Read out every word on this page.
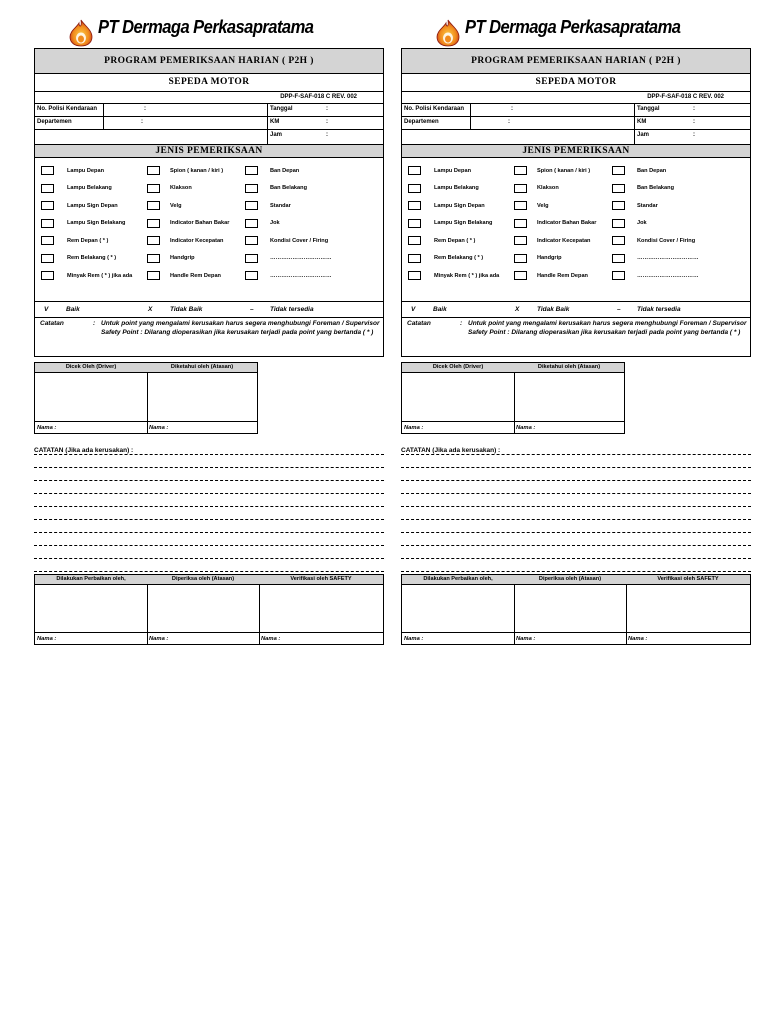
PT Dermaga Perkasapratama
PROGRAM PEMERIKSAAN HARIAN ( P2H )
SEPEDA MOTOR
DPP-F-SAF-018 C REV. 002
No. Polisi Kendaraan	:	Tanggal	:
Departemen	:	KM	:
Jam	:
JENIS PEMERIKSAAN
Lampu Depan	Spion ( kanan / kiri )	Ban Depan
Lampu Belakang	Klakson	Ban Belakang
Lampu Sign Depan	Velg	Standar
Lampu Sign Belakang	Indicator Bahan Bakar	Jok
Rem Depan ( * )	Indicator Kecepatan	Kondisi Cover / Firing
Rem Belakang ( * )	Handgrip	……………………………
Minyak Rem ( * ) jika ada	Handle Rem Depan	……………………………
V	Baik	X	Tidak Baik	–	Tidak tersedia
Catatan	: Untuk point yang mengalami kerusakan harus segera menghubungi Foreman / Supervisor
Safety Point : Dilarang dioperasikan jika kerusakan terjadi pada point yang bertanda ( * )
Dicek Oleh (Driver)
Nama :
Diketahui oleh (Atasan)
Nama :
CATATAN (Jika ada kerusakan) :
Dilakukan Perbaikan oleh,
Nama :
Diperiksa oleh (Atasan)
Nama :
Verifikasi oleh SAFETY
Nama :
PT Dermaga Perkasapratama
PROGRAM PEMERIKSAAN HARIAN ( P2H )
SEPEDA MOTOR
DPP-F-SAF-018 C REV. 002
No. Polisi Kendaraan	:	Tanggal	:
Departemen	:	KM	:
Jam	:
JENIS PEMERIKSAAN
Lampu Depan	Spion ( kanan / kiri )	Ban Depan
Lampu Belakang	Klakson	Ban Belakang
Lampu Sign Depan	Velg	Standar
Lampu Sign Belakang	Indicator Bahan Bakar	Jok
Rem Depan ( * )	Indicator Kecepatan	Kondisi Cover / Firing
Rem Belakang ( * )	Handgrip	……………………………
Minyak Rem ( * ) jika ada	Handle Rem Depan	……………………………
V	Baik	X	Tidak Baik	–	Tidak tersedia
Catatan	: Untuk point yang mengalami kerusakan harus segera menghubungi Foreman / Supervisor
Safety Point : Dilarang dioperasikan jika kerusakan terjadi pada point yang bertanda ( * )
Dicek Oleh (Driver)
Nama :
Diketahui oleh (Atasan)
Nama :
CATATAN (Jika ada kerusakan) :
Dilakukan Perbaikan oleh,
Nama :
Diperiksa oleh (Atasan)
Nama :
Verifikasi oleh SAFETY
Nama :
